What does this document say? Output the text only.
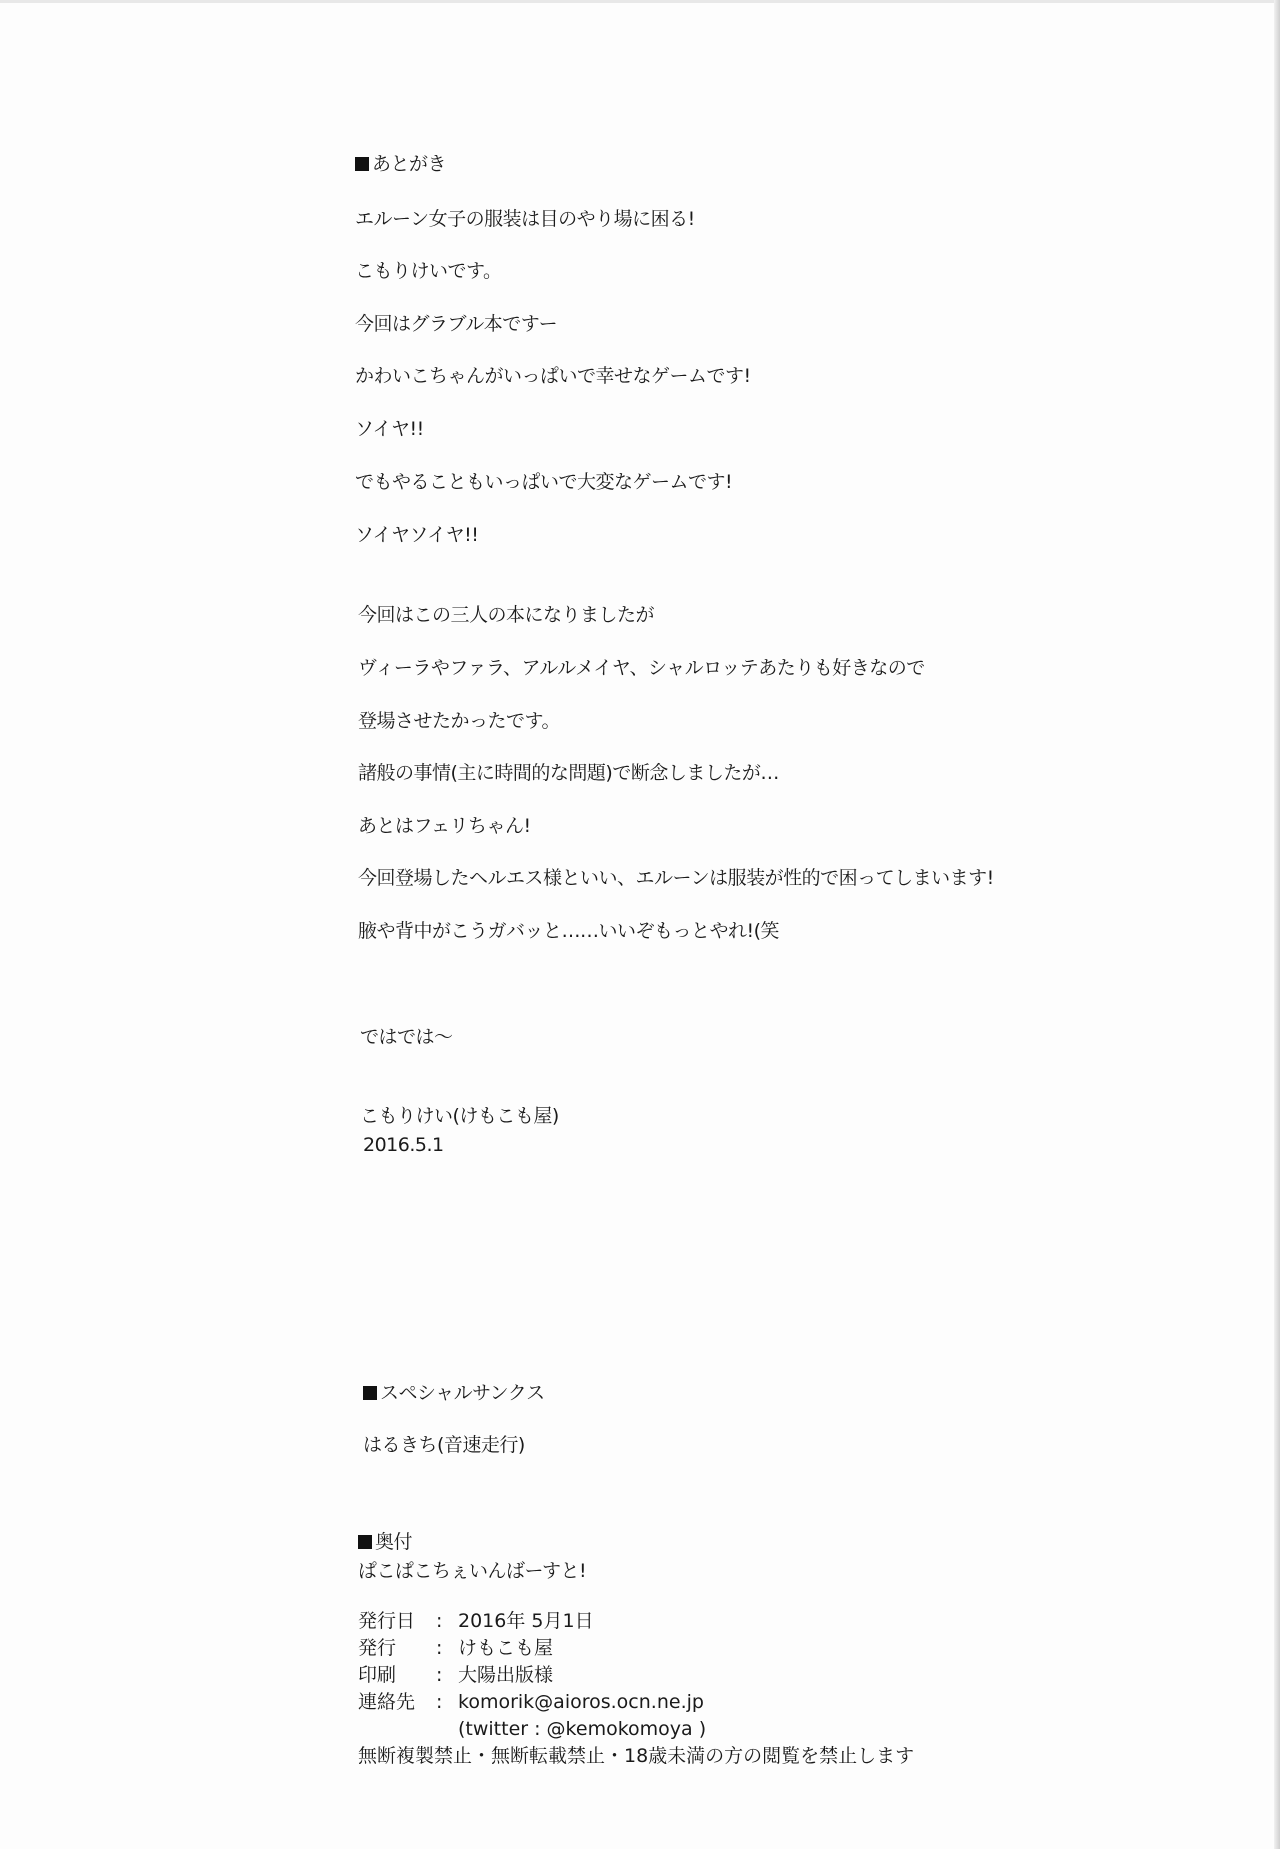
あとがき
エルーン女子の服装は目のやり場に困る!
こもりけいです。
今回はグラブル本ですー
かわいこちゃんがいっぱいで幸せなゲームです!
ソイヤ!!
でもやることもいっぱいで大変なゲームです!
ソイヤソイヤ!!
今回はこの三人の本になりましたが
ヴィーラやファラ、アルルメイヤ、シャルロッテあたりも好きなので
登場させたかったです。
諸般の事情(主に時間的な問題)で断念しましたが…
あとはフェリちゃん!
今回登場したヘルエス様といい、エルーンは服装が性的で困ってしまいます!
腋や背中がこうガバッと……いいぞもっとやれ!(笑
ではでは〜
こもりけい(けもこも屋)
2016.5.1
スペシャルサンクス
はるきち(音速走行)
奥付
ぱこぱこちぇいんばーすと!
発行日	: 2016年 5月1日
発行	: けもこも屋
印刷	: 大陽出版様
連絡先	: komorik@aioros.ocn.ne.jp
(twitter : @kemokomoya )
無断複製禁止・無断転載禁止・18歳未満の方の閲覧を禁止します
